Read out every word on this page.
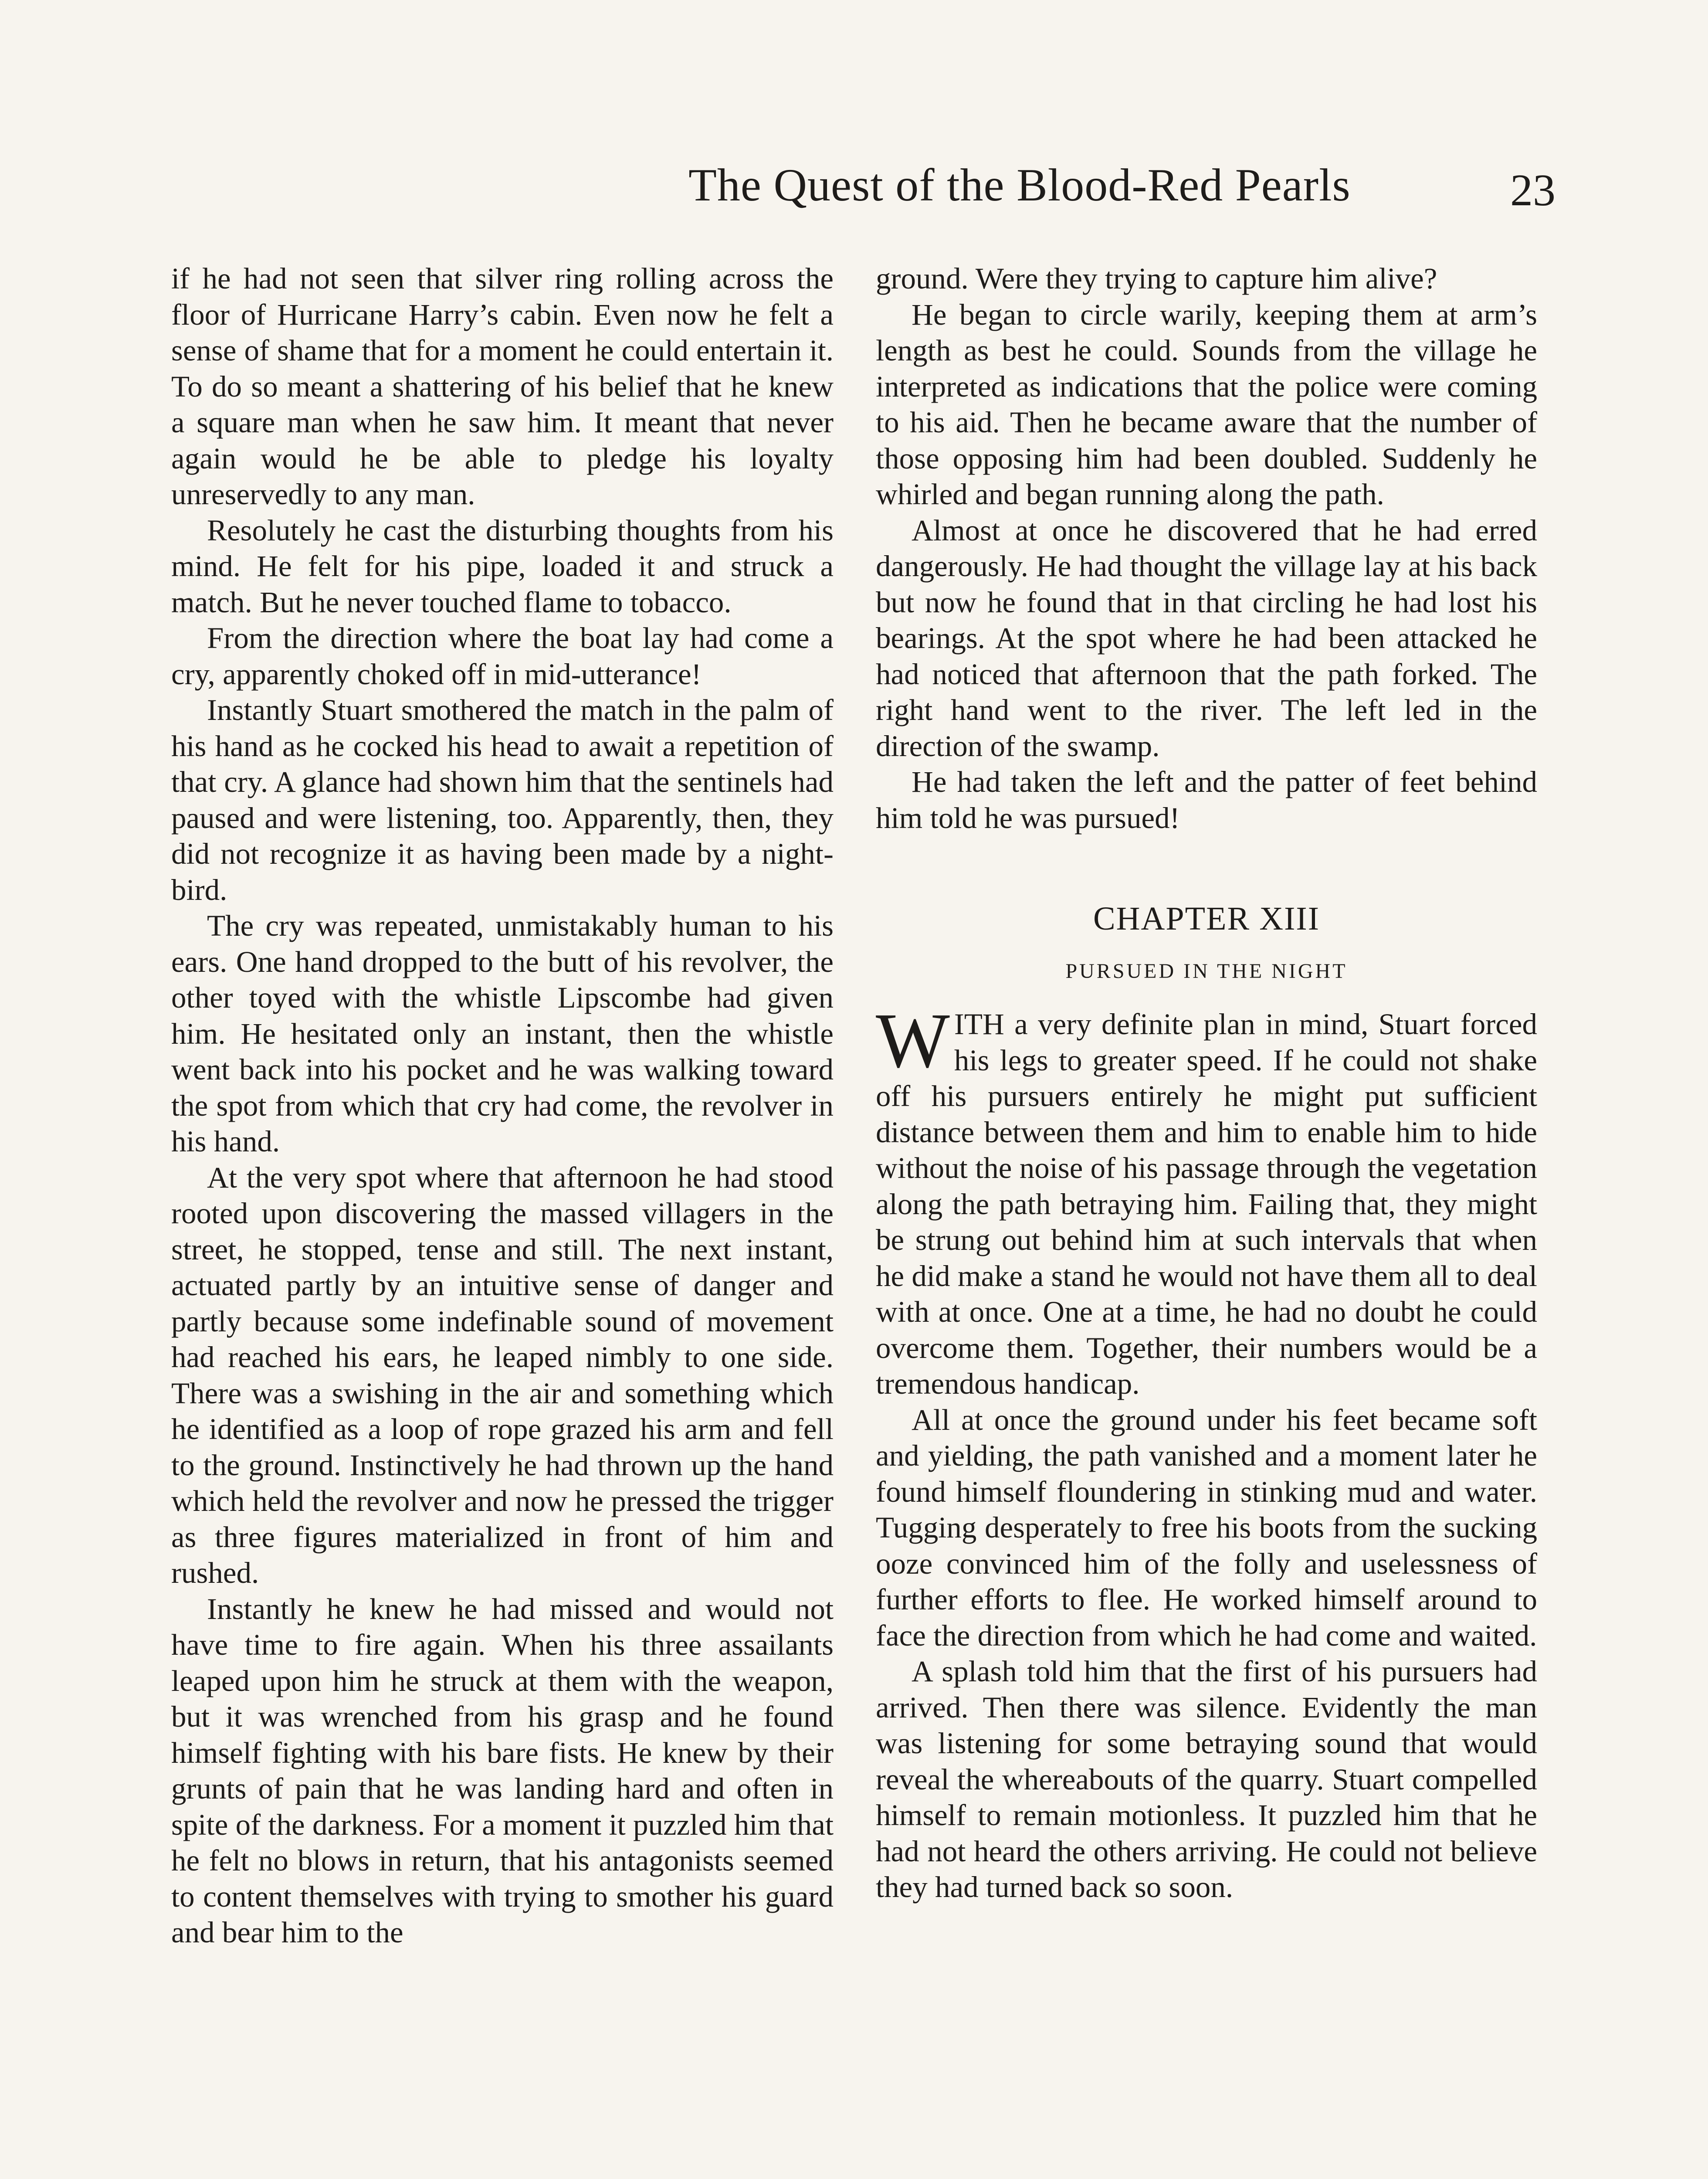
The Quest of the Blood-Red Pearls	23

if he had not seen that silver ring rolling across the floor of Hurricane Harry’s cabin. Even now he felt a sense of shame that for a moment he could entertain it. To do so meant a shattering of his belief that he knew a square man when he saw him. It meant that never again would he be able to pledge his loyalty unreservedly to any man.

Resolutely he cast the disturbing thoughts from his mind. He felt for his pipe, loaded it and struck a match. But he never touched flame to tobacco.

From the direction where the boat lay had come a cry, apparently choked off in mid-utterance!

Instantly Stuart smothered the match in the palm of his hand as he cocked his head to await a repetition of that cry. A glance had shown him that the sentinels had paused and were listening, too. Apparently, then, they did not recognize it as having been made by a night-bird.

The cry was repeated, unmistakably human to his ears. One hand dropped to the butt of his revolver, the other toyed with the whistle Lipscombe had given him. He hesitated only an instant, then the whistle went back into his pocket and he was walking toward the spot from which that cry had come, the revolver in his hand.

At the very spot where that afternoon he had stood rooted upon discovering the massed villagers in the street, he stopped, tense and still. The next instant, actuated partly by an intuitive sense of danger and partly because some indefinable sound of movement had reached his ears, he leaped nimbly to one side. There was a swishing in the air and something which he identified as a loop of rope grazed his arm and fell to the ground. Instinctively he had thrown up the hand which held the revolver and now he pressed the trigger as three figures materialized in front of him and rushed.

Instantly he knew he had missed and would not have time to fire again. When his three assailants leaped upon him he struck at them with the weapon, but it was wrenched from his grasp and he found himself fighting with his bare fists. He knew by their grunts of pain that he was landing hard and often in spite of the darkness. For a moment it puzzled him that he felt no blows in return, that his antagonists seemed to content themselves with trying to smother his guard and bear him to the

ground. Were they trying to capture him alive?

He began to circle warily, keeping them at arm’s length as best he could. Sounds from the village he interpreted as indications that the police were coming to his aid. Then he became aware that the number of those opposing him had been doubled. Suddenly he whirled and began running along the path.

Almost at once he discovered that he had erred dangerously. He had thought the village lay at his back but now he found that in that circling he had lost his bearings. At the spot where he had been attacked he had noticed that afternoon that the path forked. The right hand went to the river. The left led in the direction of the swamp.

He had taken the left and the patter of feet behind him told he was pursued!

CHAPTER XIII
PURSUED IN THE NIGHT

WITH a very definite plan in mind, Stuart forced his legs to greater speed. If he could not shake off his pursuers entirely he might put sufficient distance between them and him to enable him to hide without the noise of his passage through the vegetation along the path betraying him. Failing that, they might be strung out behind him at such intervals that when he did make a stand he would not have them all to deal with at once. One at a time, he had no doubt he could overcome them. Together, their numbers would be a tremendous handicap.

All at once the ground under his feet became soft and yielding, the path vanished and a moment later he found himself floundering in stinking mud and water. Tugging desperately to free his boots from the sucking ooze convinced him of the folly and uselessness of further efforts to flee. He worked himself around to face the direction from which he had come and waited.

A splash told him that the first of his pursuers had arrived. Then there was silence. Evidently the man was listening for some betraying sound that would reveal the whereabouts of the quarry. Stuart compelled himself to remain motionless. It puzzled him that he had not heard the others arriving. He could not believe they had turned back so soon.
